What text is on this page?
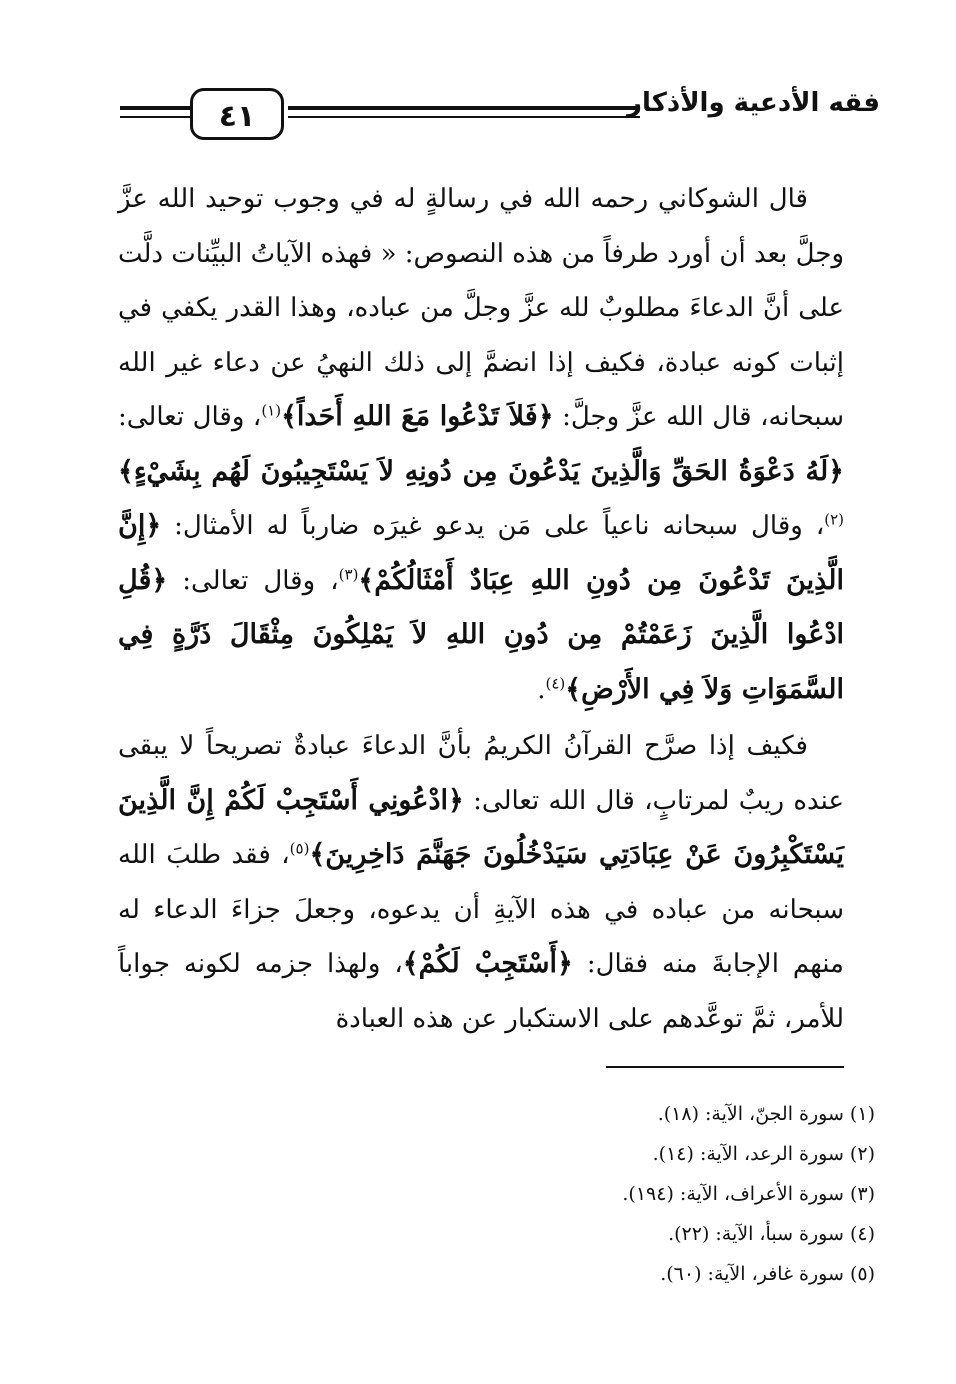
فقه الأدعية والأذكار
٤١

قال الشوكاني رحمه الله في رسالةٍ له في وجوب توحيد الله عزَّ وجلَّ بعد أن أورد طرفاً من هذه النصوص: « فهذه الآياتُ البيِّنات دلَّت على أنَّ الدعاءَ مطلوبٌ لله عزَّ وجلَّ من عباده، وهذا القدر يكفي في إثبات كونه عبادة، فكيف إذا انضمَّ إلى ذلك النهيُ عن دعاء غير الله سبحانه، قال الله عزَّ وجلَّ: ﴿فَلاَ تَدْعُوا مَعَ اللهِ أَحَداً﴾$^{(١)}$، وقال تعالى: ﴿لَهُ دَعْوَةُ الحَقِّ وَالَّذِينَ يَدْعُونَ مِن دُونِهِ لاَ يَسْتَجِيبُونَ لَهُم بِشَيْءٍ﴾$^{(٢)}$، وقال سبحانه ناعياً على مَن يدعو غيرَه ضارباً له الأمثال: ﴿إِنَّ الَّذِينَ تَدْعُونَ مِن دُونِ اللهِ عِبَادٌ أَمْثَالُكُمْ﴾$^{(٣)}$، وقال تعالى: ﴿قُلِ ادْعُوا الَّذِينَ زَعَمْتُمْ مِن دُونِ اللهِ لاَ يَمْلِكُونَ مِثْقَالَ ذَرَّةٍ فِي السَّمَوَاتِ وَلاَ فِي الأَرْضِ﴾$^{(٤)}$.

فكيف إذا صرَّح القرآنُ الكريمُ بأنَّ الدعاءَ عبادةٌ تصريحاً لا يبقى عنده ريبٌ لمرتابٍ، قال الله تعالى: ﴿ادْعُونِي أَسْتَجِبْ لَكُمْ إِنَّ الَّذِينَ يَسْتَكْبِرُونَ عَنْ عِبَادَتِي سَيَدْخُلُونَ جَهَنَّمَ دَاخِرِينَ﴾$^{(٥)}$، فقد طلبَ الله سبحانه من عباده في هذه الآيةِ أن يدعوه، وجعلَ جزاءَ الدعاء له منهم الإجابةَ منه فقال: ﴿أَسْتَجِبْ لَكُمْ﴾، ولهذا جزمه لكونه جواباً للأمر، ثمَّ توعَّدهم على الاستكبار عن هذه العبادة

(١) سورة الجنّ، الآية: (١٨).
(٢) سورة الرعد، الآية: (١٤).
(٣) سورة الأعراف، الآية: (١٩٤).
(٤) سورة سبأ، الآية: (٢٢).
(٥) سورة غافر، الآية: (٦٠).
